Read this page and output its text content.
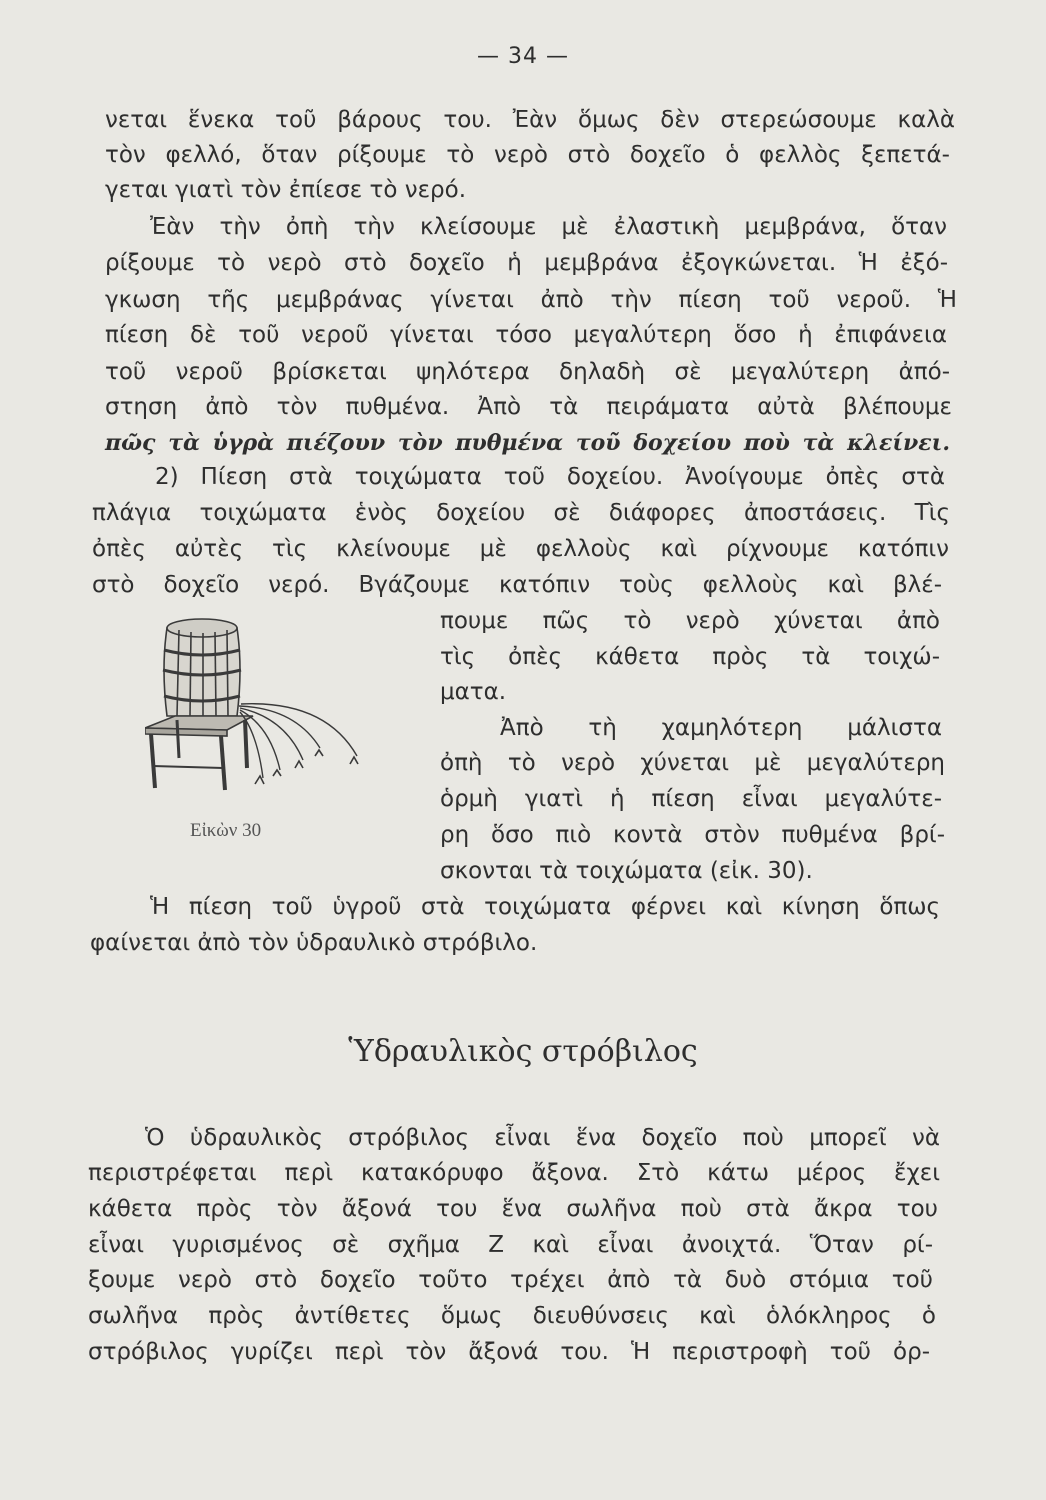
— 34 —
νεται ἕνεκα τοῦ βάρους του. Ἐὰν ὅμως δὲν στερεώσουμε καλὰ
τὸν φελλό, ὅταν ρίξουμε τὸ νερὸ στὸ δοχεῖο ὁ φελλὸς ξεπετά-
γεται γιατὶ τὸν ἐπίεσε τὸ νερό.
Ἐὰν τὴν ὀπὴ τὴν κλείσουμε μὲ ἐλαστικὴ μεμβράνα, ὅταν
ρίξουμε τὸ νερὸ στὸ δοχεῖο ἡ μεμβράνα ἐξογκώνεται. Ἡ ἐξό-
γκωση τῆς μεμβράνας γίνεται ἀπὸ τὴν πίεση τοῦ νεροῦ. Ἡ
πίεση δὲ τοῦ νεροῦ γίνεται τόσο μεγαλύτερη ὅσο ἡ ἐπιφάνεια
τοῦ νεροῦ βρίσκεται ψηλότερα δηλαδὴ σὲ μεγαλύτερη ἀπό-
στηση ἀπὸ τὸν πυθμένα. Ἀπὸ τὰ πειράματα αὐτὰ βλέπουμε
πῶς τὰ ὑγρὰ πιέζουν τὸν πυθμένα τοῦ δοχείου ποὺ τὰ κλείνει.
2) Πίεση στὰ τοιχώματα τοῦ δοχείου. Ἀνοίγουμε ὀπὲς στὰ
πλάγια τοιχώματα ἑνὸς δοχείου σὲ διάφορες ἀποστάσεις. Τὶς
ὀπὲς αὐτὲς τὶς κλείνουμε μὲ φελλοὺς καὶ ρίχνουμε κατόπιν
στὸ δοχεῖο νερό. Βγάζουμε κατόπιν τοὺς φελλοὺς καὶ βλέ-
πουμε πῶς τὸ νερὸ χύνεται ἀπὸ
τὶς ὀπὲς κάθετα πρὸς τὰ τοιχώ-
ματα.
Ἀπὸ τὴ χαμηλότερη μάλιστα
ὀπὴ τὸ νερὸ χύνεται μὲ μεγαλύτερη
ὁρμὴ γιατὶ ἡ πίεση εἶναι μεγαλύτε-
ρη ὅσο πιὸ κοντὰ στὸν πυθμένα βρί-
σκονται τὰ τοιχώματα (εἰκ. 30).
Εἰκὼν 30
Ἡ πίεση τοῦ ὑγροῦ στὰ τοιχώματα φέρνει καὶ κίνηση ὅπως
φαίνεται ἀπὸ τὸν ὑδραυλικὸ στρόβιλο.
Ὑδραυλικὸς στρόβιλος
Ὁ ὑδραυλικὸς στρόβιλος εἶναι ἕνα δοχεῖο ποὺ μπορεῖ νὰ
περιστρέφεται περὶ κατακόρυφο ἄξονα. Στὸ κάτω μέρος ἔχει
κάθετα πρὸς τὸν ἄξονά του ἕνα σωλῆνα ποὺ στὰ ἄκρα του
εἶναι γυρισμένος σὲ σχῆμα Ζ καὶ εἶναι ἀνοιχτά. Ὅταν ρί-
ξουμε νερὸ στὸ δοχεῖο τοῦτο τρέχει ἀπὸ τὰ δυὸ στόμια τοῦ
σωλῆνα πρὸς ἀντίθετες ὅμως διευθύνσεις καὶ ὁλόκληρος ὁ
στρόβιλος γυρίζει περὶ τὸν ἄξονά του. Ἡ περιστροφὴ τοῦ ὀρ-
